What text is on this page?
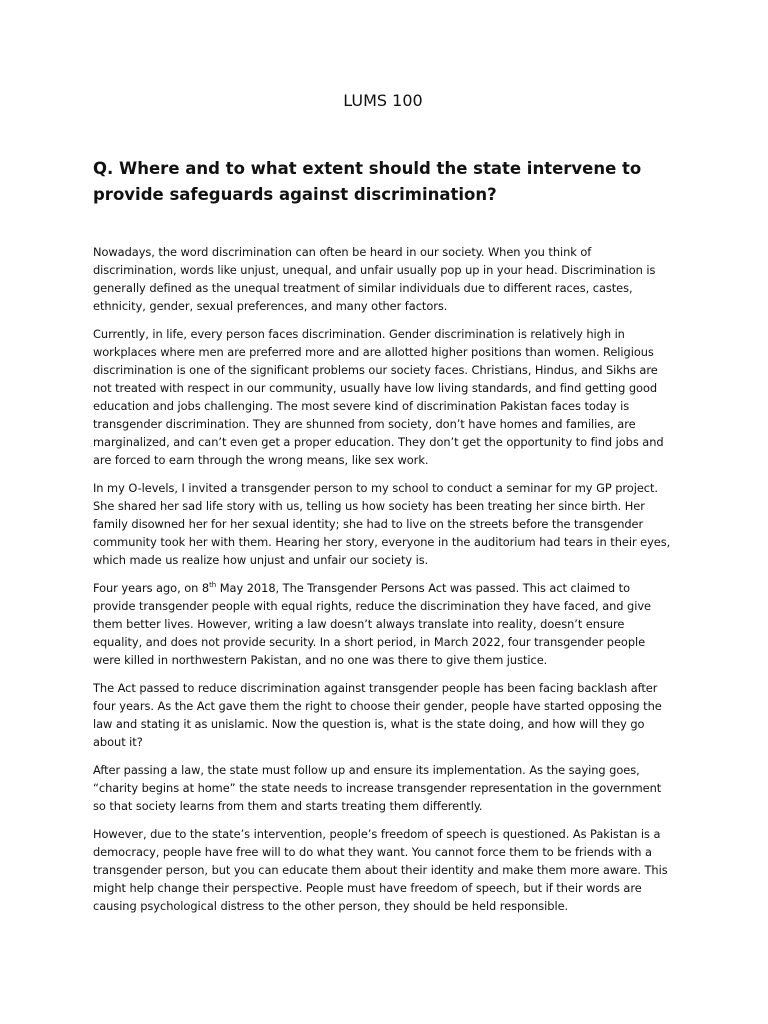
LUMS 100
Q. Where and to what extent should the state intervene to provide safeguards against discrimination?

Nowadays, the word discrimination can often be heard in our society. When you think of discrimination, words like unjust, unequal, and unfair usually pop up in your head. Discrimination is generally defined as the unequal treatment of similar individuals due to different races, castes, ethnicity, gender, sexual preferences, and many other factors.

Currently, in life, every person faces discrimination. Gender discrimination is relatively high in workplaces where men are preferred more and are allotted higher positions than women. Religious discrimination is one of the significant problems our society faces. Christians, Hindus, and Sikhs are not treated with respect in our community, usually have low living standards, and find getting good education and jobs challenging. The most severe kind of discrimination Pakistan faces today is transgender discrimination. They are shunned from society, don’t have homes and families, are marginalized, and can’t even get a proper education. They don’t get the opportunity to find jobs and are forced to earn through the wrong means, like sex work.

In my O-levels, I invited a transgender person to my school to conduct a seminar for my GP project. She shared her sad life story with us, telling us how society has been treating her since birth. Her family disowned her for her sexual identity; she had to live on the streets before the transgender community took her with them. Hearing her story, everyone in the auditorium had tears in their eyes, which made us realize how unjust and unfair our society is.

Four years ago, on 8th May 2018, The Transgender Persons Act was passed. This act claimed to provide transgender people with equal rights, reduce the discrimination they have faced, and give them better lives. However, writing a law doesn’t always translate into reality, doesn’t ensure equality, and does not provide security. In a short period, in March 2022, four transgender people were killed in northwestern Pakistan, and no one was there to give them justice.

The Act passed to reduce discrimination against transgender people has been facing backlash after four years. As the Act gave them the right to choose their gender, people have started opposing the law and stating it as unislamic. Now the question is, what is the state doing, and how will they go about it?

After passing a law, the state must follow up and ensure its implementation. As the saying goes, “charity begins at home” the state needs to increase transgender representation in the government so that society learns from them and starts treating them differently.

However, due to the state’s intervention, people’s freedom of speech is questioned. As Pakistan is a democracy, people have free will to do what they want. You cannot force them to be friends with a transgender person, but you can educate them about their identity and make them more aware. This might help change their perspective. People must have freedom of speech, but if their words are causing psychological distress to the other person, they should be held responsible.
